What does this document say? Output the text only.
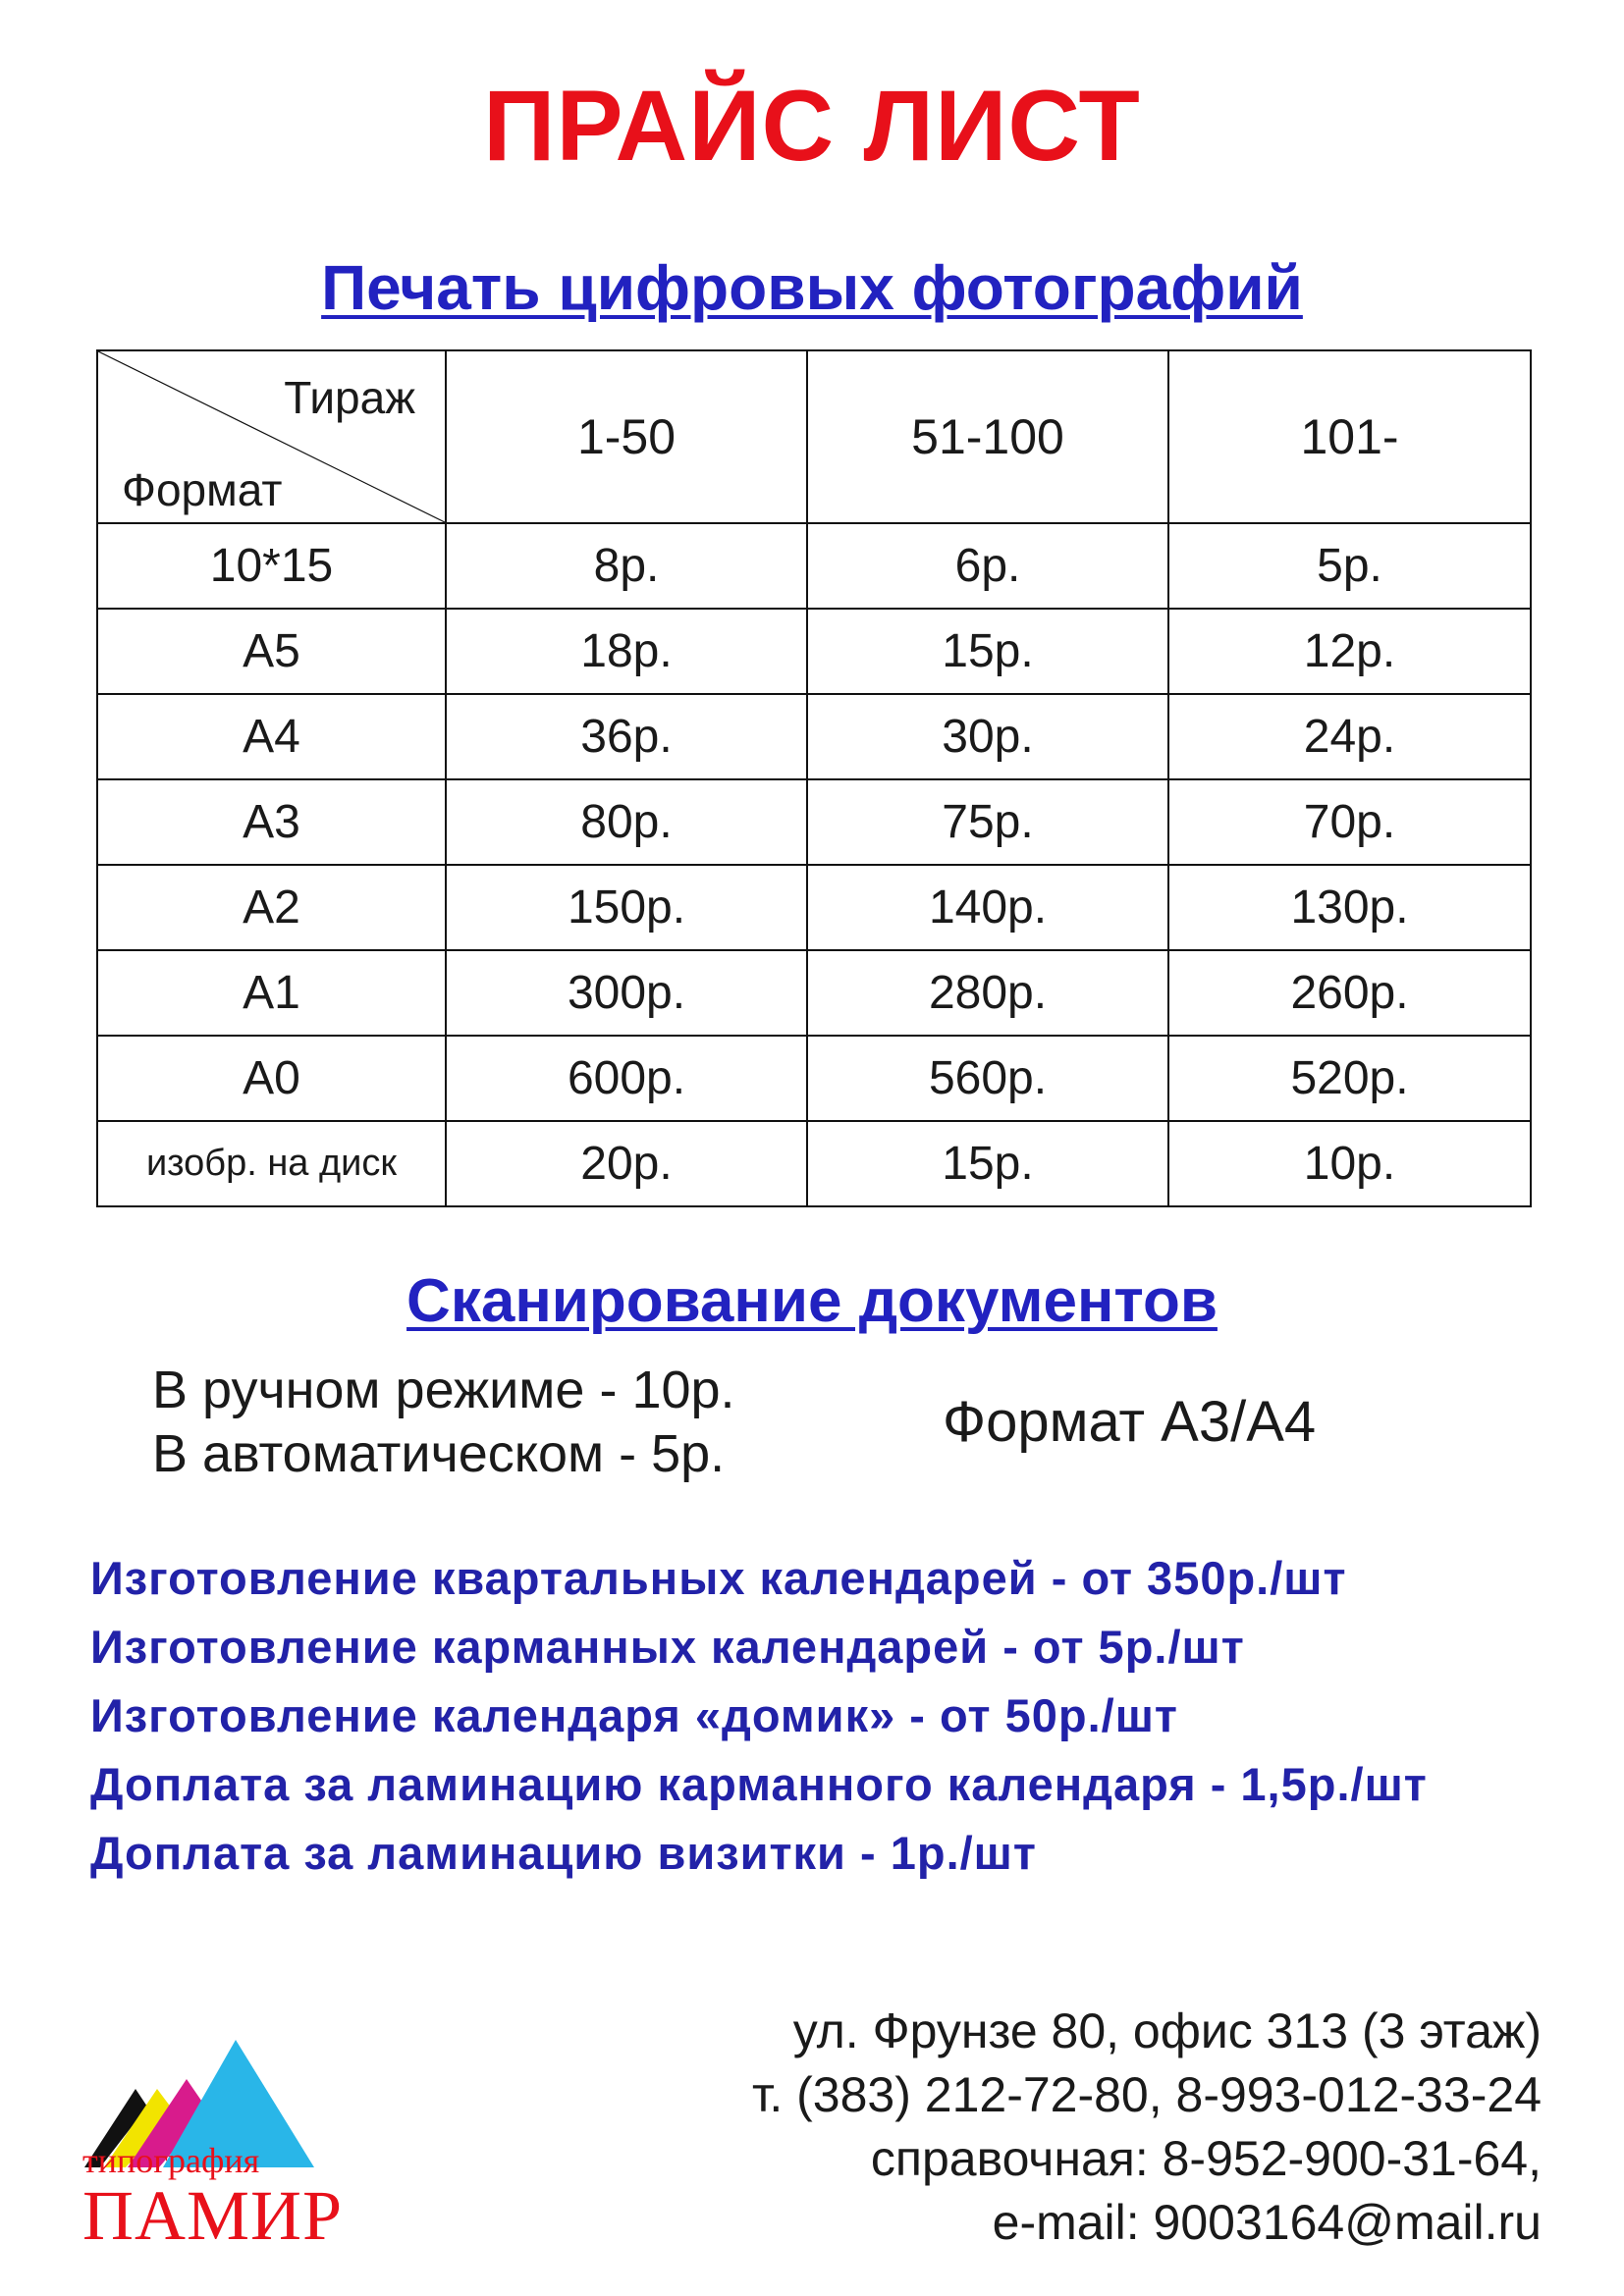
ПРАЙС ЛИСТ
Печать цифровых фотографий
Тираж
Формат	1-50	51-100	101-
10*15	8р.	6р.	5р.
А5	18р.	15р.	12р.
А4	36р.	30р.	24р.
А3	80р.	75р.	70р.
А2	150р.	140р.	130р.
А1	300р.	280р.	260р.
А0	600р.	560р.	520р.
изобр. на диск	20р.	15р.	10р.
Сканирование документов
В ручном режиме - 10р.
В автоматическом - 5р.	Формат А3/А4
Изготовление квартальных календарей - от 350р./шт
Изготовление карманных календарей - от 5р./шт
Изготовление календаря «домик» - от 50р./шт
Доплата за ламинацию карманного календаря - 1,5р./шт
Доплата за ламинацию визитки - 1р./шт
ул. Фрунзе 80, офис 313 (3 этаж)
т. (383) 212-72-80, 8-993-012-33-24
справочная: 8-952-900-31-64,
e-mail: 9003164@mail.ru
типография
ПАМИР
